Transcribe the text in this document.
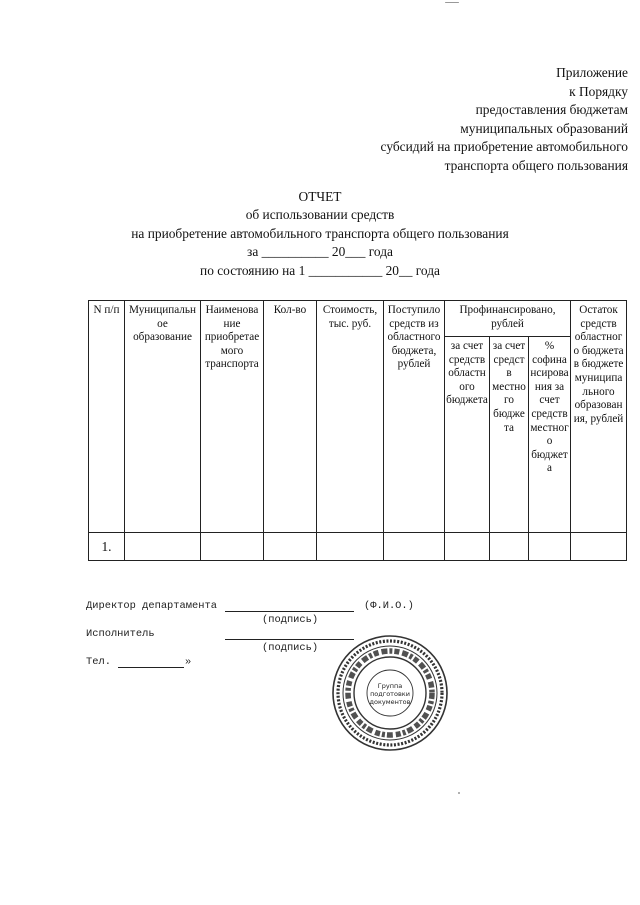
Приложение
к Порядку
предоставления бюджетам
муниципальных образований
субсидий на приобретение автомобильного
транспорта общего пользования
ОТЧЕТ
об использовании средств
на приобретение автомобильного транспорта общего пользования
за __________ 20___ года
по состоянию на 1 ___________ 20__ года
N п/п	Муниципальное образование	Наименование приобретаемого транспорта	Кол-во	Стоимость, тыс. руб.	Поступило средств из областного бюджета, рублей	Профинансировано, рублей			Остаток средств областного бюджета в бюджете муниципального образования, рублей
						за счет средств областного бюджета	за счет средств местного бюджета	% софинансирования за счет средств местного бюджета	
1.									
Директор департамента	(Ф.И.О.)
(подпись)
Исполнитель
(подпись)
Тел.	»
Группа
подготовки
документов
